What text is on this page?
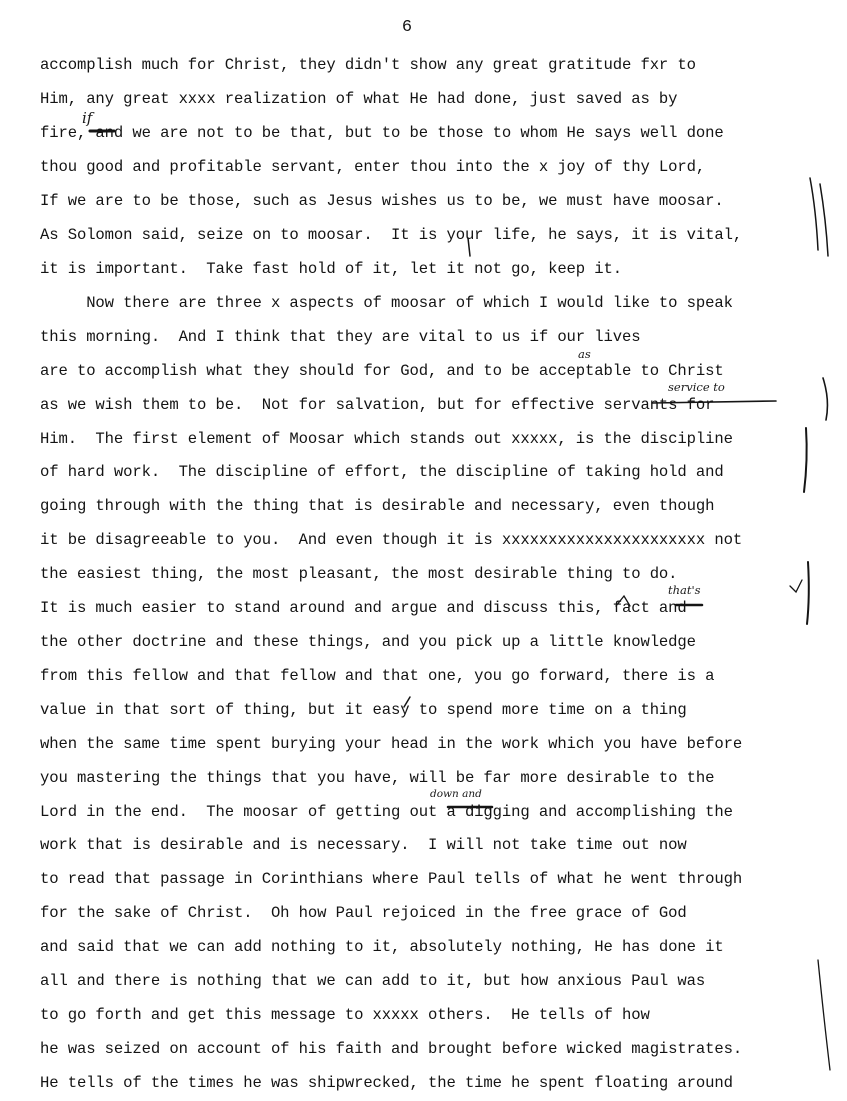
6
accomplish much for Christ, they didn't show any great gratitude fxr to
Him, any great xxxx realization of what He had done, just saved as by
fire, and we are not to be that, but to be those to whom He says well done
thou good and profitable servant, enter thou into the x joy of thy Lord,
If we are to be those, such as Jesus wishes us to be, we must have moosar.
As Solomon said, seize on to moosar.  It is your life, he says, it is vital,
it is important.  Take fast hold of it, let it not go, keep it.
Now there are three x aspects of moosar of which I would like to speak
this morning.  And I think that they are vital to us if our lives
are to accomplish what they should for God, and to be acceptable to Christ
as we wish them to be.  Not for salvation, but for effective servants for
Him.  The first element of Moosar which stands out xxxxx, is the discipline
of hard work.  The discipline of effort, the discipline of taking hold and
going through with the thing that is desirable and necessary, even though
it be disagreeable to you.  And even though it is xxxxxxxxxxxxxxxxxxxxxx not
the easiest thing, the most pleasant, the most desirable thing to do.
It is much easier to stand around and argue and discuss this, fact and
the other doctrine and these things, and you pick up a little knowledge
from this fellow and that fellow and that one, you go forward, there is a
value in that sort of thing, but it easy to spend more time on a thing
when the same time spent burying your head in the work which you have before
you mastering the things that you have, will be far more desirable to the
Lord in the end.  The moosar of getting out a digging and accomplishing the
work that is desirable and is necessary.  I will not take time out now
to read that passage in Corinthians where Paul tells of what he went through
for the sake of Christ.  Oh how Paul rejoiced in the free grace of God
and said that we can add nothing to it, absolutely nothing, He has done it
all and there is nothing that we can add to it, but how anxious Paul was
to go forth and get this message to xxxxx others.  He tells of how
he was seized on account of his faith and brought before wicked magistrates.
He tells of the times he was shipwrecked, the time he spent floating around
if
as
service to
that's
down and
